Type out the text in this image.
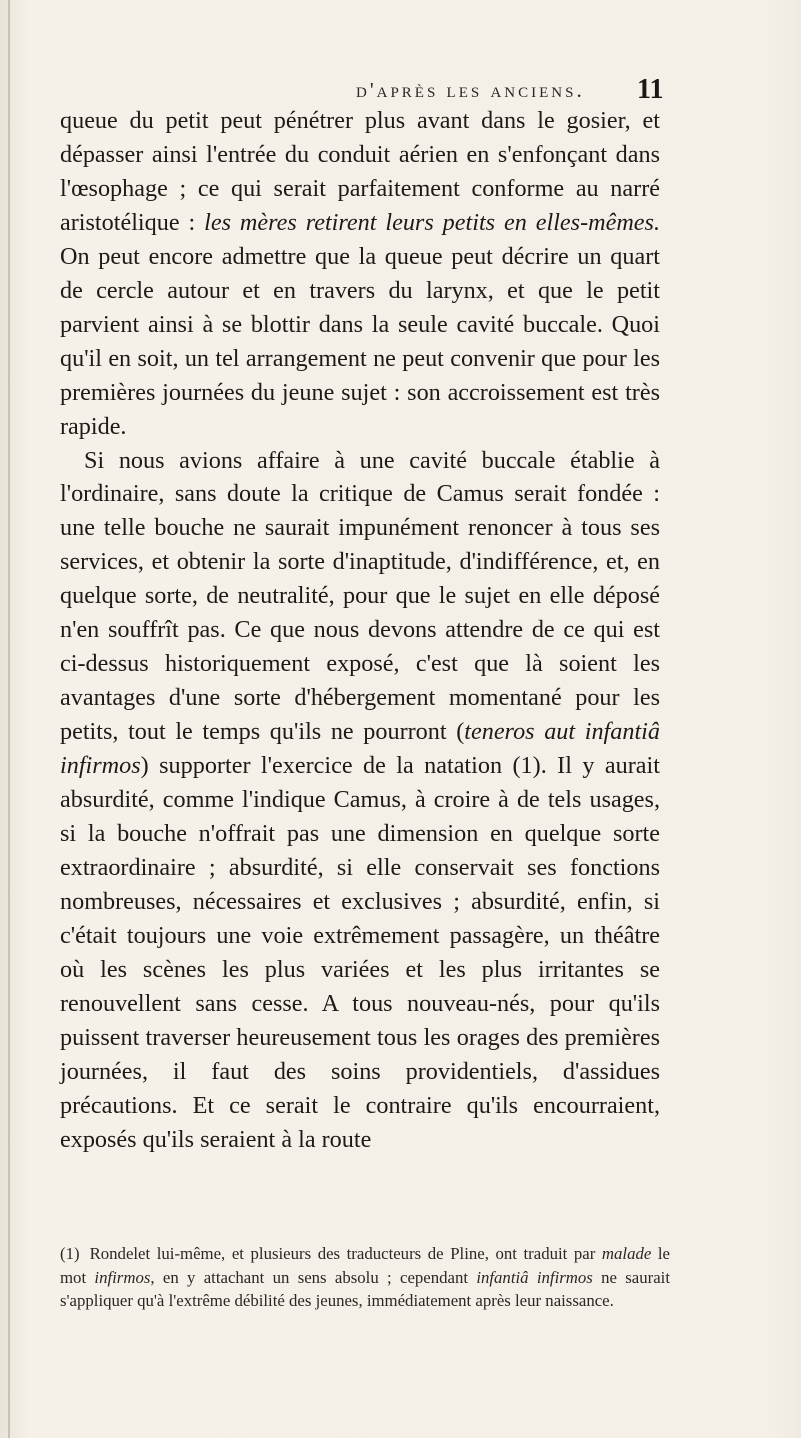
d'après les anciens. 11

queue du petit peut pénétrer plus avant dans le gosier, et dépasser ainsi l'entrée du conduit aérien en s'enfonçant dans l'œsophage ; ce qui serait parfaitement conforme au narré aristotélique : les mères retirent leurs petits en elles-mêmes. On peut encore admettre que la queue peut décrire un quart de cercle autour et en travers du larynx, et que le petit parvient ainsi à se blottir dans la seule cavité buccale. Quoi qu'il en soit, un tel arrangement ne peut convenir que pour les premières journées du jeune sujet : son accroissement est très rapide.

Si nous avions affaire à une cavité buccale établie à l'ordinaire, sans doute la critique de Camus serait fondée : une telle bouche ne saurait impunément renoncer à tous ses services, et obtenir la sorte d'inaptitude, d'indifférence, et, en quelque sorte, de neutralité, pour que le sujet en elle déposé n'en souffrît pas. Ce que nous devons attendre de ce qui est ci-dessus historiquement exposé, c'est que là soient les avantages d'une sorte d'hébergement momentané pour les petits, tout le temps qu'ils ne pourront (teneros aut infantiâ infirmos) supporter l'exercice de la natation (1). Il y aurait absurdité, comme l'indique Camus, à croire à de tels usages, si la bouche n'offrait pas une dimension en quelque sorte extraordinaire ; absurdité, si elle conservait ses fonctions nombreuses, nécessaires et exclusives ; absurdité, enfin, si c'était toujours une voie extrêmement passagère, un théâtre où les scènes les plus variées et les plus irritantes se renouvellent sans cesse. A tous nouveau-nés, pour qu'ils puissent traverser heureusement tous les orages des premières journées, il faut des soins providentiels, d'assidues précautions. Et ce serait le contraire qu'ils encourraient, exposés qu'ils seraient à la route

(1) Rondelet lui-même, et plusieurs des traducteurs de Pline, ont traduit par malade le mot infirmos, en y attachant un sens absolu ; cependant infantiâ infirmos ne saurait s'appliquer qu'à l'extrême débilité des jeunes, immédiatement après leur naissance.
